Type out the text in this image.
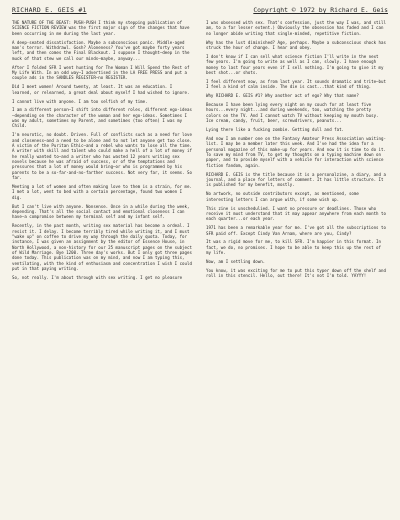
RICHARD E. GEIS #1	Copyright © 1972 by Richard E. Geis

THE NATURE OF THE BEAST: PUSH-PUSH I think my stepping publication of SCIENCE FICTION REVIEW was the first major sign of the changes that have been occurring in me during the last year.

A deep-seated dissatisfaction. Maybe a subconscious panic. Middle-aged man's terror. Withdrawl. Gosh? Aloneness? You've got maybe forty years left, and then comes the Final Blackout. I suppose I thought—deep in the muck of that stew we call our minds—maybe, anyway...

After I folded SFR I went hunting for The Woman I Will Spend the Rest of My Life With. In an odd way—I advertised in the LA FREE PRESS and put a couple ads in the SANDLES REGISTER—no REGISTER.

Did I meet women! Around twenty, at least. It was an education. I learned, or relearned, a great deal about myself I had wished to ignore.

I cannot live with anyone. I am too selfish of my time.

I am a different person—I shift into different roles, different ego-ideas—depending on the character of the woman and her ego-ideas. Sometimes I was my adult, sometimes my Parent, and sometimes (too often) I was my Child.

I'm neurotic, no doubt. Driven. Full of conflicts such as a need for love and closeness—and a need to be alone and to not let anyone get too close. A victim of the Puritan Ethic—and a rebel who wants to lose all the time. A writer with skill and talent who could make a hell of a lot of money if he really wanted to—and a writer who has wasted 12 years writing sex novels because he was afraid of success, or of the temptations and pressures that a lot of money would bring—or who is programmed by his parents to be a so-far-and-no-farther success. Not very far, it seems. So far.

Meeting a lot of women and often making love to them is a strain, for me. I met a lot, went to bed with a certain percentage, found two women I dig.

But I can't live with anyone. Nonsense. Once in a while during the week, depending. That's all the social contact and emotional closeness I can have—a compromise between my terminal self and my infant self.

Recently, in the past month, writing sex material has become a ordeal. I resist it. I delay. I become terribly tired while writing it, and I must "wake up" on coffee to drive my way through the daily quota. Today, for instance, I was given an assignment by the editor of Essence House, in North Hollywood, a non-history for our 25 manuscript pages on the subject of Wild Marriage. Bye 1200. Three day's works. But I only got three pages done today. This publication was on my mind, and now I am typing this, ventilating, with the kind of enthusiasm and concentration I wish I could put in that paying writing.

So, not really. I'm about through with sex writing. I get no pleasure

I was obsessed with sex. That's confession, just the way I was, and still am, to a far lesser extent.) Obviously the obsession has faded and I can no longer abide writing that single-minded, repetitive fiction.

Why has the lust diminished? Age, perhaps. Maybe a subconscious shock has struck the hour of change. I hear and obey.

I don't know if I can sell what science fiction I'll write in the next few years. I'm going to write as well as I can, slowly. I have enough money to last four years even if I sell nothing. I'm going to give it my best shot...or shots.

I feel different now, as from last year. It sounds dramatic and trite—but I feel a kind of calm inside. The die is cast...that kind of thing.

Why RICHARD E. GEIS #1? Why another act of ego? Why that name?

Because I have been lying every night on my couch for at least five hours...every night...and during weekends, too, watching the pretty colors on the TV. And I cannot watch TV without keeping my mouth busy. Ice cream, candy, fruit, beer, screwdrivers, peanuts...

Lying there like a fucking zombie. Getting dull and fat.

And now I am number one on the Fantasy Amateur Press Association waiting-list. I may be a member later this week. And I've had the idea for a personal magazine of this make-up for years. And now it is time to do it. To save my mind from TV, to get my thoughts on a typing machine down on paper, and to provide myself with a vehicle for interaction with science fiction fandom, again.

RICHARD E. GEIS is the title because it is a personalzine, a diary, and a journal, and a place for letters of comment. It has little structure. It is published for my benefit, mostly.

No artwork, no outside contributors except, as mentioned, some interesting letters I can argue with, if some wish up.

This zine is unschedulied. I want no pressure or deadlines. Those who receive it must understand that it may appear anywhere from each month to each quarter...or each year.

1971 has been a remarkable year for me. I've got all the subscriptions to SFR paid off. Except Cindy Van Arnam, where are you, Cindy?

It was a rigid move for me, to kill SFR. I'm happier in this format. In fact, we do, no promises. I hope to be able to keep this up the rest of my life.

Now, am I settling down.

You know, it was exciting for me to put this typer down off the shelf and roll in this stencil. Hello, out there! It's not I'm told. YAYYY!
